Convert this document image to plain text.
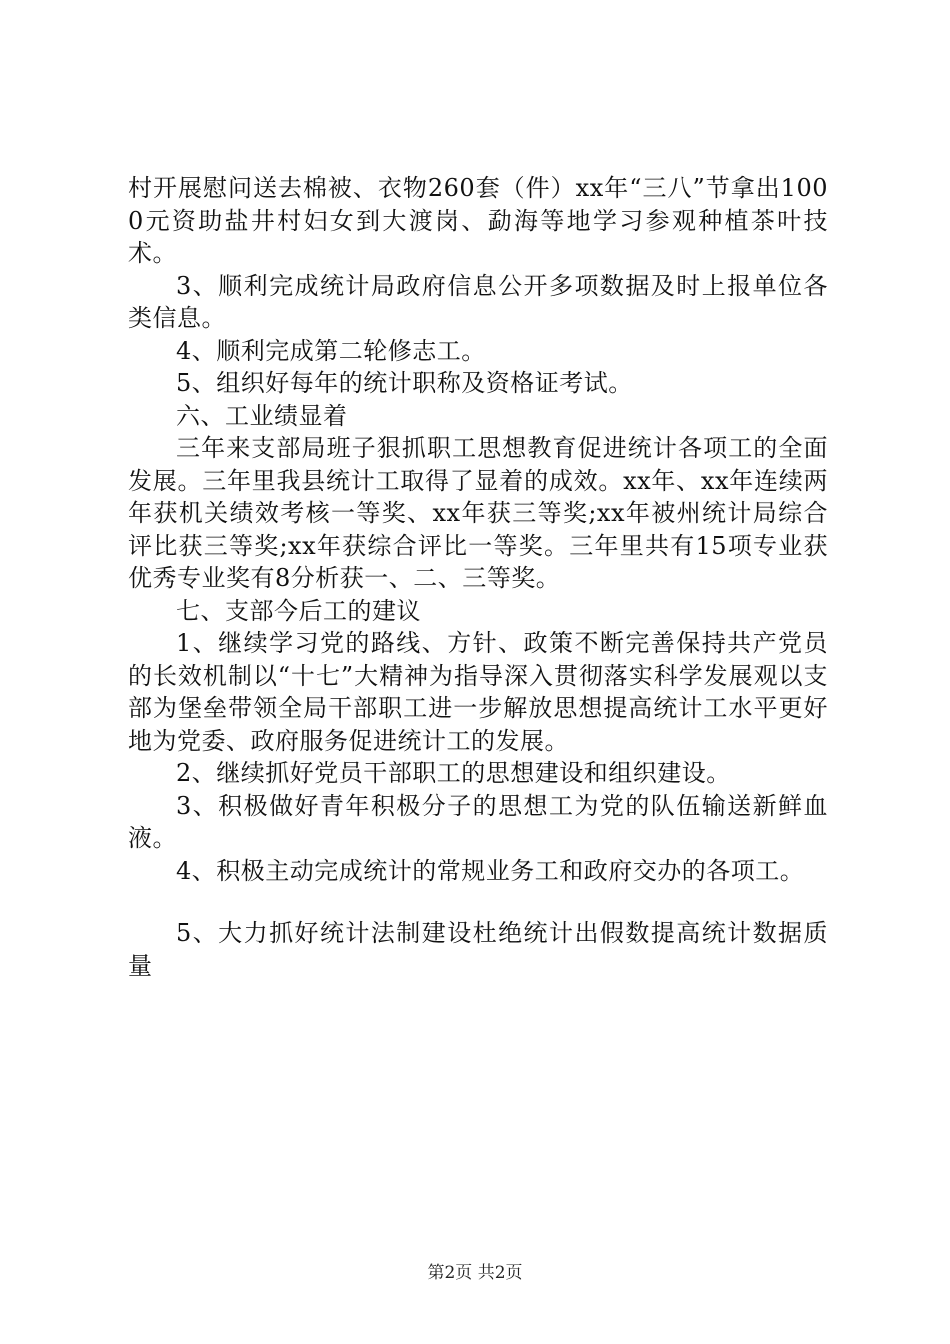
村开展慰问送去棉被、衣物260套（件）xx年“三八”节拿出1000元资助盐井村妇女到大渡岗、勐海等地学习参观种植茶叶技术。

3、顺利完成统计局政府信息公开多项数据及时上报单位各类信息。

4、顺利完成第二轮修志工。

5、组织好每年的统计职称及资格证考试。

六、工业绩显着

三年来支部局班子狠抓职工思想教育促进统计各项工的全面发展。三年里我县统计工取得了显着的成效。xx年、xx年连续两年获机关绩效考核一等奖、xx年获三等奖;xx年被州统计局综合评比获三等奖;xx年获综合评比一等奖。三年里共有15项专业获优秀专业奖有8分析获一、二、三等奖。

七、支部今后工的建议

1、继续学习党的路线、方针、政策不断完善保持共产党员的长效机制以“十七”大精神为指导深入贯彻落实科学发展观以支部为堡垒带领全局干部职工进一步解放思想提高统计工水平更好地为党委、政府服务促进统计工的发展。

2、继续抓好党员干部职工的思想建设和组织建设。

3、积极做好青年积极分子的思想工为党的队伍输送新鲜血液。

4、积极主动完成统计的常规业务工和政府交办的各项工。

5、大力抓好统计法制建设杜绝统计出假数提高统计数据质量

第2页 共2页
